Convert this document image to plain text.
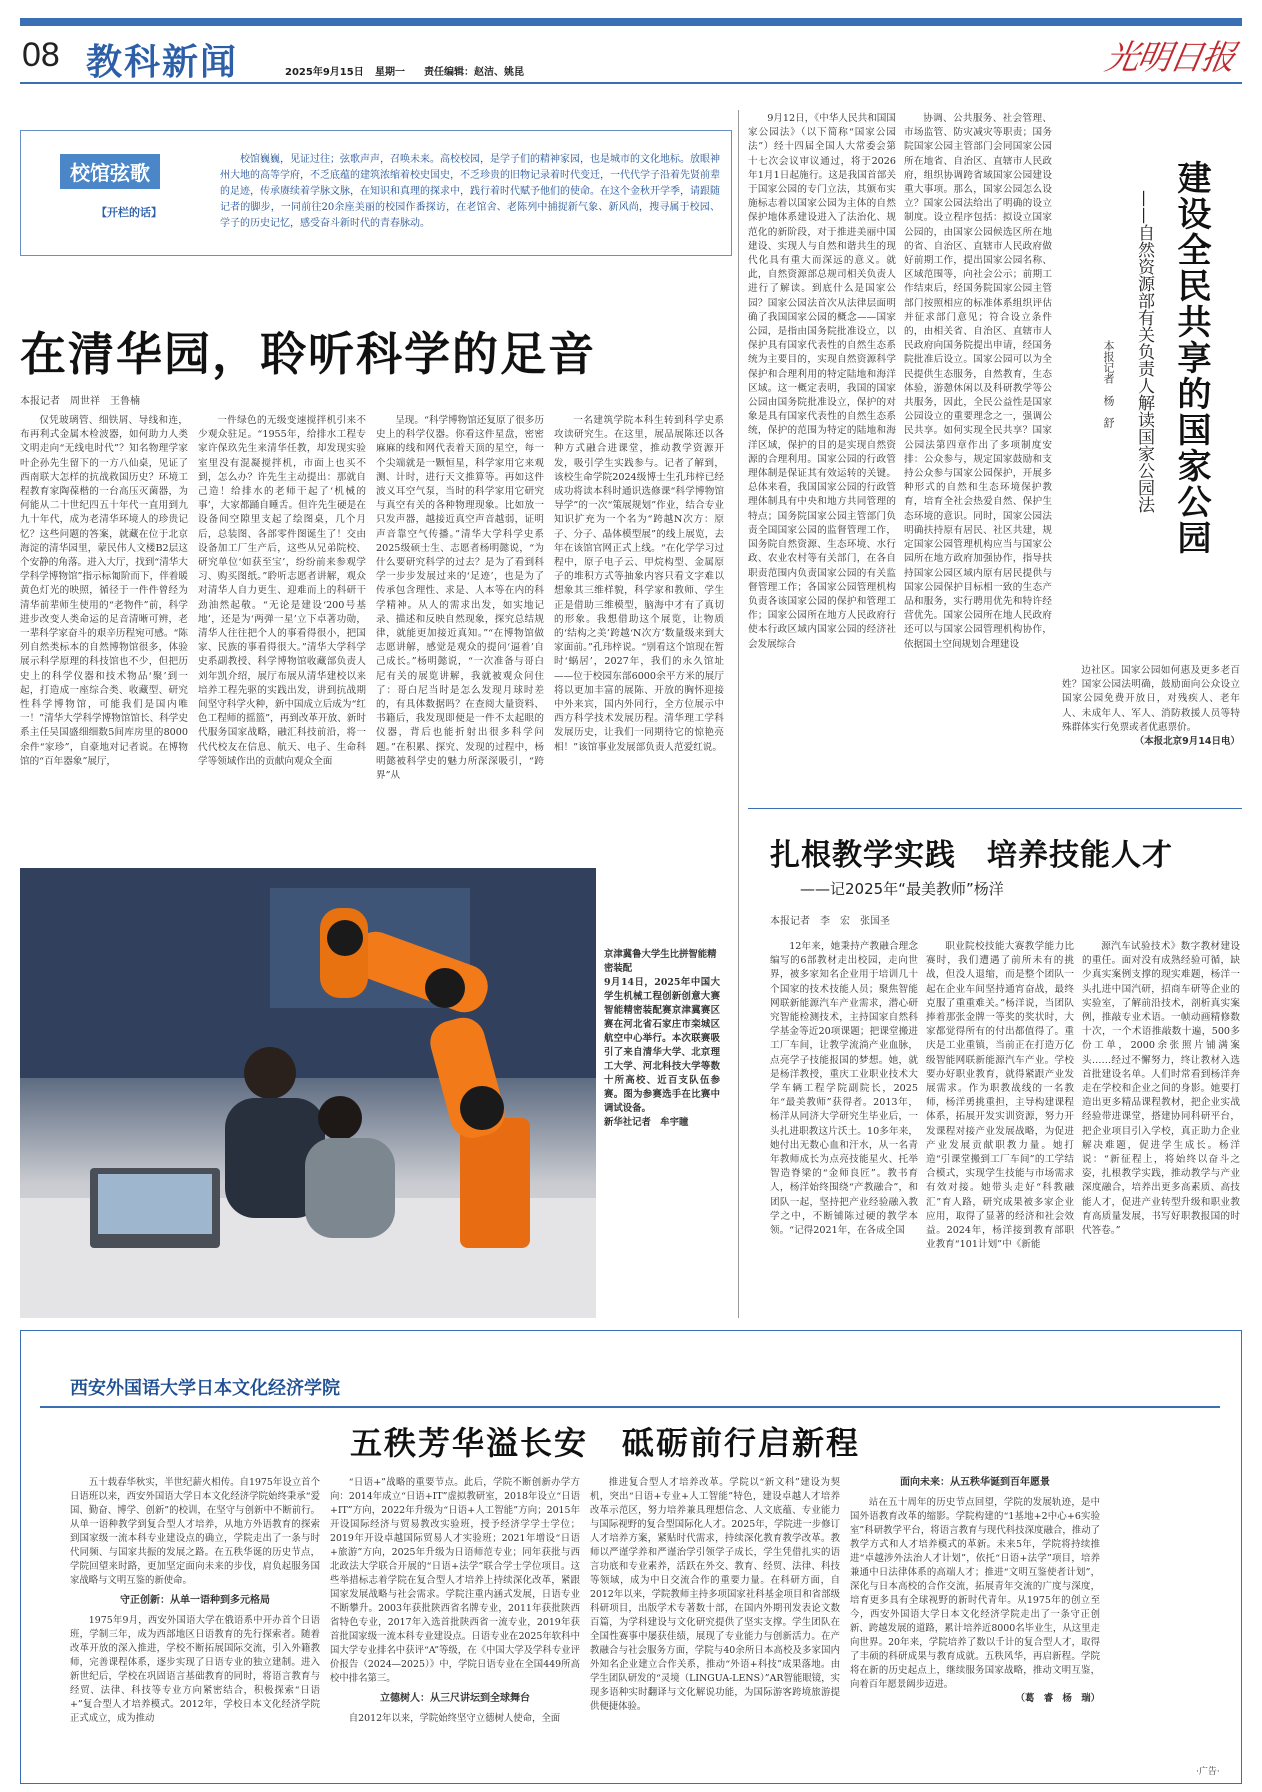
08 教科新闻	2025年9月15日 星期一 责任编辑：赵洁、姚昆	光明日报
校馆弦歌
【开栏的话】

校馆巍巍，见证过往；弦歌声声，召唤未来。高校校园，是学子们的精神家园，也是城市的文化地标。放眼神州大地的高等学府，不乏底蕴的建筑浓缩着校史国史，不乏珍贵的旧物记录着时代变迁，一代代学子沿着先贤前辈的足迹，传承赓续着学脉文脉，在知识和真理的探求中，践行着时代赋予他们的使命。在这个金秋开学季，请跟随记者的脚步，一同前往20余座美丽的校园作番探访，在老馆舍、老陈列中捕捉新气象、新风尚，搜寻属于校园、学子的历史记忆，感受奋斗新时代的青春脉动。

在清华园，聆听科学的足音
本报记者　周世祥　王鲁楠

仅凭玻璃管、细铁屑、导线和连，布再利式金属木检波器，如何助力人类文明走向“无线电时代”？知名物理学家叶企孙先生留下的一方八仙桌，见证了西南联大怎样的抗战救国历史？环境工程教育家陶葆楷的一台高压灭菌器，为何能从二十世纪四五十年代一直用到九九十年代，成为老清华环境人的珍贵记忆？这些问题的答案，就藏在位于北京海淀的清华园里，蒙民伟人文楼B2层这个安静的角落。进入大厅，找到“清华大学科学博物馆”指示标匍阶而下，伴着暖黄色灯光的映照，循径于一件件曾经为清华前辈师生使用的“老物件”前，科学进步改变人类命运的足音清晰可辨，老一辈科学家奋斗的艰辛历程宛可感。“陈列自然类标本的自然博物馆很多，体验展示科学原理的科技馆也不少，但把历史上的科学仪器和技术物品‘聚’到一起，打造成一座综合类、收藏型、研究性科学博物馆，可能我们是国内唯一！”清华大学科学博物馆馆长、科学史系主任吴国盛细细数5间库房里的8000余件“家珍”，自豪地对记者说。在博物馆的“百年器象”展厅，

一件绿色的无级变速搅拌机引来不少观众驻足。“1955年，给排水工程专家许保玖先生来清华任教，却发现实验室里没有混凝搅拌机，市面上也买不到，怎么办？许先生主动提出：那就自己造！给排水的老师干起了‘机械的事’，大家都踊自睡舌。但许先生硬是在设备间空隙里支起了绘图桌，几个月后，总装图、各部零件图诞生了！交由设备加工厂生产后，这些从兄弟院校、研究单位‘如获至宝’，纷纷前来参观学习、购买图纸。”聆听志愿者讲解，观众对清华人自力更生、迎难而上的科研干劲油然起敬。“无论是建设‘200号基地’，还是为‘两弹一星’立下卓著功勋，清华人往往把个人的事看得很小，把国家、民族的事看得很大。”清华大学科学史系副教授、科学博物馆收藏部负责人刘年凯介绍，展厅布展从清华建校以来培养工程先驱的实践出发，讲到抗战期间坚守科学火种，新中国成立后成为“红色工程师的摇篮”，再到改革开放、新时代服务国家战略，融汇科技前沿，将一代代校友在信息、航天、电子、生命科学等领域作出的贡献向观众全面

呈现。“科学博物馆还复原了很多历史上的科学仪器。你看这件星盘，密密麻麻的线和网代表着天顶的星空，每一个尖端就是一颗恒星，科学家用它来观测、计时，进行天文推算等。再如这件波义耳空气泵，当时的科学家用它研究与真空有关的各种物理现象。比如放一只发声器，越接近真空声音越弱，证明声音靠空气传播。”清华大学科学史系2025级硕士生、志愿者杨明懿说，“为什么要研究科学的过去？是为了看到科学一步步发展过来的‘足迹’，也是为了传承包含理性、求是、人本等在内的科学精神。从人的需求出发，如实地记录、描述和反映自然现象，探究总结规律，就能更加接近真知。”“在博物馆做志愿讲解，感觉是观众的提问‘逼着’自己成长。”杨明懿说，“一次准备与哥白尼有关的展览讲解，我就被观众问住了：哥白尼当时是怎么发现月球时差的，有具体数据吗？在查阅大量资料、书籍后，我发现即便是一件不太起眼的仪器，背后也能折射出很多科学问题。”在积累、探究、发现的过程中，杨明懿被科学史的魅力所深深吸引，“跨界”从

一名建筑学院本科生转到科学史系攻读研究生。在这里，展品展陈还以各种方式融合进课堂，推动教学资源开发，吸引学生实践参与。记者了解到，该校生命学院2024级博士生孔玮梓已经成功将读本科时通识选修课“科学博物馆导学”的一次“策展规划”作业，结合专业知识扩充为一个名为“跨越N次方：原子、分子、晶体模型展”的线上展览，去年在该馆官网正式上线。“在化学学习过程中，原子电子云、甲烷构型、金属原子的堆积方式等抽象内容只看文字难以想象其三维样貌，科学家和教师、学生正是借助三维模型，脑海中才有了真切的形象。我想借助这个展览，让物质的‘结构之美’跨越‘N次方’数量级来到大家面前。”孔玮梓说。“别看这个馆现在暂时‘蜗居’，2027年，我们的永久馆址——位于校园东部6000余平方米的展厅将以更加丰富的展陈、开放的胸怀迎接中外来宾，国内外同行，全方位展示中西方科学技术发展历程。清华理工学科发展历史，让我们一同期待它的惊艳亮相！”该馆事业发展部负责人范爱红说。

京津冀鲁大学生比拼智能精密装配
9月14日，2025年中国大学生机械工程创新创意大赛智能精密装配赛京津冀赛区赛在河北省石家庄市栾城区航空中心举行。本次联赛吸引了来自清华大学、北京理工大学、河北科技大学等数十所高校、近百支队伍参赛。图为参赛选手在比赛中调试设备。
新华社记者　牟宇瞳

9月12日，《中华人民共和国国家公园法》（以下简称“国家公园法”）经十四届全国人大常委会第十七次会议审议通过，将于2026年1月1日起施行。这是我国首部关于国家公园的专门立法，其颁布实施标志着以国家公园为主体的自然保护地体系建设进入了法治化、规范化的新阶段，对于推进美丽中国建设、实现人与自然和谐共生的现代化具有重大而深远的意义。就此，自然资源部总规司相关负责人进行了解读。到底什么是国家公园？国家公园法首次从法律层面明确了我国国家公园的概念——国家公园，是指由国务院批准设立，以保护具有国家代表性的自然生态系统为主要目的，实现自然资源科学保护和合理利用的特定陆地和海洋区域。这一概定表明，我国的国家公园由国务院批准设立，保护的对象是具有国家代表性的自然生态系统，保护的范围为特定的陆地和海洋区域，保护的目的是实现自然资源的合理利用。国家公园的行政管理体制是保证其有效运转的关键。总体来看，我国国家公园的行政管理体制具有中央和地方共同管理的特点；国务院国家公园主管部门负责全国国家公园的监督管理工作，国务院自然资源、生态环境、水行政、农业农村等有关部门，在各自职责范围内负责国家公园的有关监督管理工作；各国家公园管理机构负责各该国家公园的保护和管理工作；国家公园所在地方人民政府行使本行政区域内国家公园的经济社会发展综合

协调、公共服务、社会管理、市场监管、防灾减灾等职责；国务院国家公园主管部门会同国家公园所在地省、自治区、直辖市人民政府，组织协调跨省域国家公园建设重大事项。那么，国家公园怎么设立？国家公园法给出了明确的设立制度。设立程序包括：拟设立国家公园的，由国家公园候选区所在地的省、自治区、直辖市人民政府做好前期工作，提出国家公园名称、区域范围等，向社会公示；前期工作结束后，经国务院国家公园主管部门按照相应的标准体系组织评估并征求部门意见；符合设立条件的，由相关省、自治区、直辖市人民政府向国务院提出申请，经国务院批准后设立。国家公园可以为全民提供生态服务，自然教育，生态体验，游憩休闲以及科研教学等公共服务，因此，全民公益性是国家公园设立的重要理念之一，强调公民共享。如何实现全民共享？国家公园法第四章作出了多项制度安排：公众参与，规定国家鼓励和支持公众参与国家公园保护，开展多种形式的自然和生态环境保护教育，培育全社会热爱自然、保护生态环境的意识。同时，国家公园法明确扶持原有居民、社区共建，规定国家公园管理机构应当与国家公园所在地方政府加强协作，指导扶持国家公园区域内原有居民提供与国家公园保护目标相一致的生态产品和服务，实行聘用优先和特许经营优先。国家公园所在地人民政府还可以与国家公园管理机构协作，依据国土空间规划合理建设

建设全民共享的国家公园
——自然资源部有关负责人解读国家公园法
本报记者　杨　舒

边社区。国家公园如何惠及更多老百姓？国家公园法明确，鼓励面向公众设立国家公园免费开放日，对残疾人、老年人、未成年人、军人、消防救援人员等特殊群体实行免票或者优惠票价。

（本报北京9月14日电）
扎根教学实践　培养技能人才
——记2025年“最美教师”杨洋
本报记者　李　宏　张国圣

12年来，她秉持产教融合理念编写的6部教材走出校园，走向世界，被多家知名企业用于培训几十个国家的技术技能人员；聚焦智能网联新能源汽车产业需求，潜心研究智能检测技术，主持国家自然科学基金等近20项课题；把课堂搬进工厂车间，让教学流淌产业血脉，点亮学子技能报国的梦想。她，就是杨洋教授，重庆工业职业技术大学车辆工程学院副院长，2025年“最美教师”获得者。2013年，杨洋从同济大学研究生毕业后，一头扎进职教这片沃土。10多年来，她付出无数心血和汗水，从一名青年教师成长为点亮技能星火、托举智造脊梁的“金师良匠”。教书育人，杨洋始终围绕“产教融合”，和团队一起，坚持把产业经验融入教学之中，不断铺陈过硬的教学本领。“记得2021年，在各成全国

职业院校技能大赛教学能力比赛时，我们遭遇了前所未有的挑战，但没人退缩，而是整个团队一起在企业车间坚持通宵奋战，最终克服了重重难关。”杨洋说，当团队捧着那张金牌一等奖的奖状时，大家都觉得所有的付出都值得了。重庆是工业重镇，当前正在打造万亿级智能网联新能源汽车产业。学校要办好职业教育，就得紧跟产业发展需求。作为职教战线的一名教师，杨洋勇挑重担，主导构建课程体系，拓展开发实训资源，努力开发课程对接产业发展战略，为促进产业发展贡献职教力量。她打造“引课堂搬到工厂车间”的工学结合模式，实现学生技能与市场需求有效对接。她带头走好“科教融汇”育人路，研究成果被多家企业应用，取得了显著的经济和社会效益。2024年，杨洋接到教育部职业教育“101计划”中《新能

源汽车试验技术》数字教材建设的重任。面对没有成熟经验可循，缺少真实案例支撑的现实难题，杨洋一头扎进中国汽研，招商车研等企业的实验室，了解前沿技术，剖析真实案例，推敲专业术语。一帧动画精修数十次，一个术语推敲数十遍，500多份工单，2000余张照片铺满案头……经过不懈努力，终让教材入选首批建设名单。人们时常看到杨洋奔走在学校和企业之间的身影。她要打造出更多精品课程教材，把企业实战经验带进课堂，搭建协同科研平台，把企业项目引入学校，真正助力企业解决难题，促进学生成长。杨洋说：“新征程上，将始终以奋斗之姿，扎根教学实践，推动教学与产业深度融合，培养出更多高素质、高技能人才，促进产业转型升级和职业教育高质量发展，书写好职教报国的时代答卷。”

西安外国语大学日本文化经济学院
五秩芳华溢长安　砥砺前行启新程

五十载春华秋实，半世纪薪火相传。自1975年设立首个日语班以来，西安外国语大学日本文化经济学院始终秉承“爱国、勤奋、博学、创新”的校训，在坚守与创新中不断前行。从单一语种教学到复合型人才培养，从地方外语教育的探索到国家级一流本科专业建设点的确立，学院走出了一条与时代同频、与国家共振的发展之路。在五秩华诞的历史节点，学院回望来时路，更加坚定面向未来的步伐，肩负起服务国家战略与文明互鉴的新使命。

守正创新：从单一语种到多元格局

1975年9月，西安外国语大学在俄语系中开办首个日语班，学制三年，成为西部地区日语教育的先行探索者。随着改革开放的深入推进，学校不断拓展国际交流，引入外籍教师，完善课程体系，逐步实现了日语专业的独立建制。进入新世纪后，学校在巩固语言基础教育的同时，将语言教育与经贸、法律、科技等专业方向紧密结合，积极探索“日语+”复合型人才培养模式。2012年，学校日本文化经济学院正式成立，成为推动

“日语+”战略的重要节点。此后，学院不断创新办学方向：2014年成立“日语+IT”虚拟教研室，2018年设立“日语+IT”方向，2022年升级为“日语+人工智能”方向；2015年开设国际经济与贸易教改实验班，授予经济学学士学位；2019年开设卓越国际贸易人才实验班；2021年增设“日语+旅游”方向，2025年升级为日语师范专业；同年获批与西北政法大学联合开展的“日语+法学”联合学士学位项目。这些举措标志着学院在复合型人才培养上持续深化改革，紧跟国家发展战略与社会需求。学院注重内涵式发展，日语专业不断攀升。2003年获批陕西省名牌专业，2011年获批陕西省特色专业，2017年入选首批陕西省一流专业，2019年获首批国家级一流本科专业建设点。日语专业在2025年软科中国大学专业排名中获评“A”等级，在《中国大学及学科专业评价报告（2024—2025）》中，学院日语专业在全国449所高校中排名第三。

立德树人：从三尺讲坛到全球舞台

自2012年以来，学院始终坚守立德树人使命，全面

推进复合型人才培养改革。学院以“新文科”建设为契机，突出“日语+专业+人工智能”特色，建设卓越人才培养改革示范区，努力培养兼具理想信念、人文底蕴、专业能力与国际视野的复合型国际化人才。2025年，学院进一步修订人才培养方案，紧贴时代需求，持续深化教育教学改革。教师以严谨学养和严谨治学引领学子成长，学生凭借扎实的语言功底和专业素养，活跃在外交、教育、经贸、法律、科技等领域，成为中日交流合作的重要力量。在科研方面，自2012年以来，学院教师主持多项国家社科基金项目和省部级科研项目，出版学术专著数十部，在国内外期刊发表论文数百篇，为学科建设与文化研究提供了坚实支撑。学生团队在全国性赛事中屡获佳绩，展现了专业能力与创新活力。在产教融合与社会服务方面，学院与40余所日本高校及多家国内外知名企业建立合作关系，推动“外语+科技”成果落地。由学生团队研发的“灵境（LINGUA-LENS）”AR智能眼镜，实现多语种实时翻译与文化解说功能，为国际游客跨境旅游提供便捷体验。

面向未来：从五秩华诞到百年愿景

站在五十周年的历史节点回望，学院的发展轨迹，是中国外语教育改革的缩影。学院构建的“1基地+2中心+6实验室”科研教学平台，将语言教育与现代科技深度融合，推动了教学方式和人才培养模式的革新。未来5年，学院将持续推进“卓越涉外法治人才计划”，依托“日语+法学”项目，培养兼通中日法律体系的高端人才；推进“文明互鉴使者计划”，深化与日本高校的合作交流，拓展青年交流的广度与深度，培育更多具有全球视野的新时代青年。从1975年的创立至今，西安外国语大学日本文化经济学院走出了一条守正创新、跨越发展的道路，累计培养近8000名毕业生，从这里走向世界。20年来，学院培养了数以千计的复合型人才，取得了丰硕的科研成果与教育成就。五秩风华，再启新程。学院将在新的历史起点上，继续服务国家战略，推动文明互鉴，向着百年愿景阔步迈进。

（葛　睿　杨　瑞）
·广告·
